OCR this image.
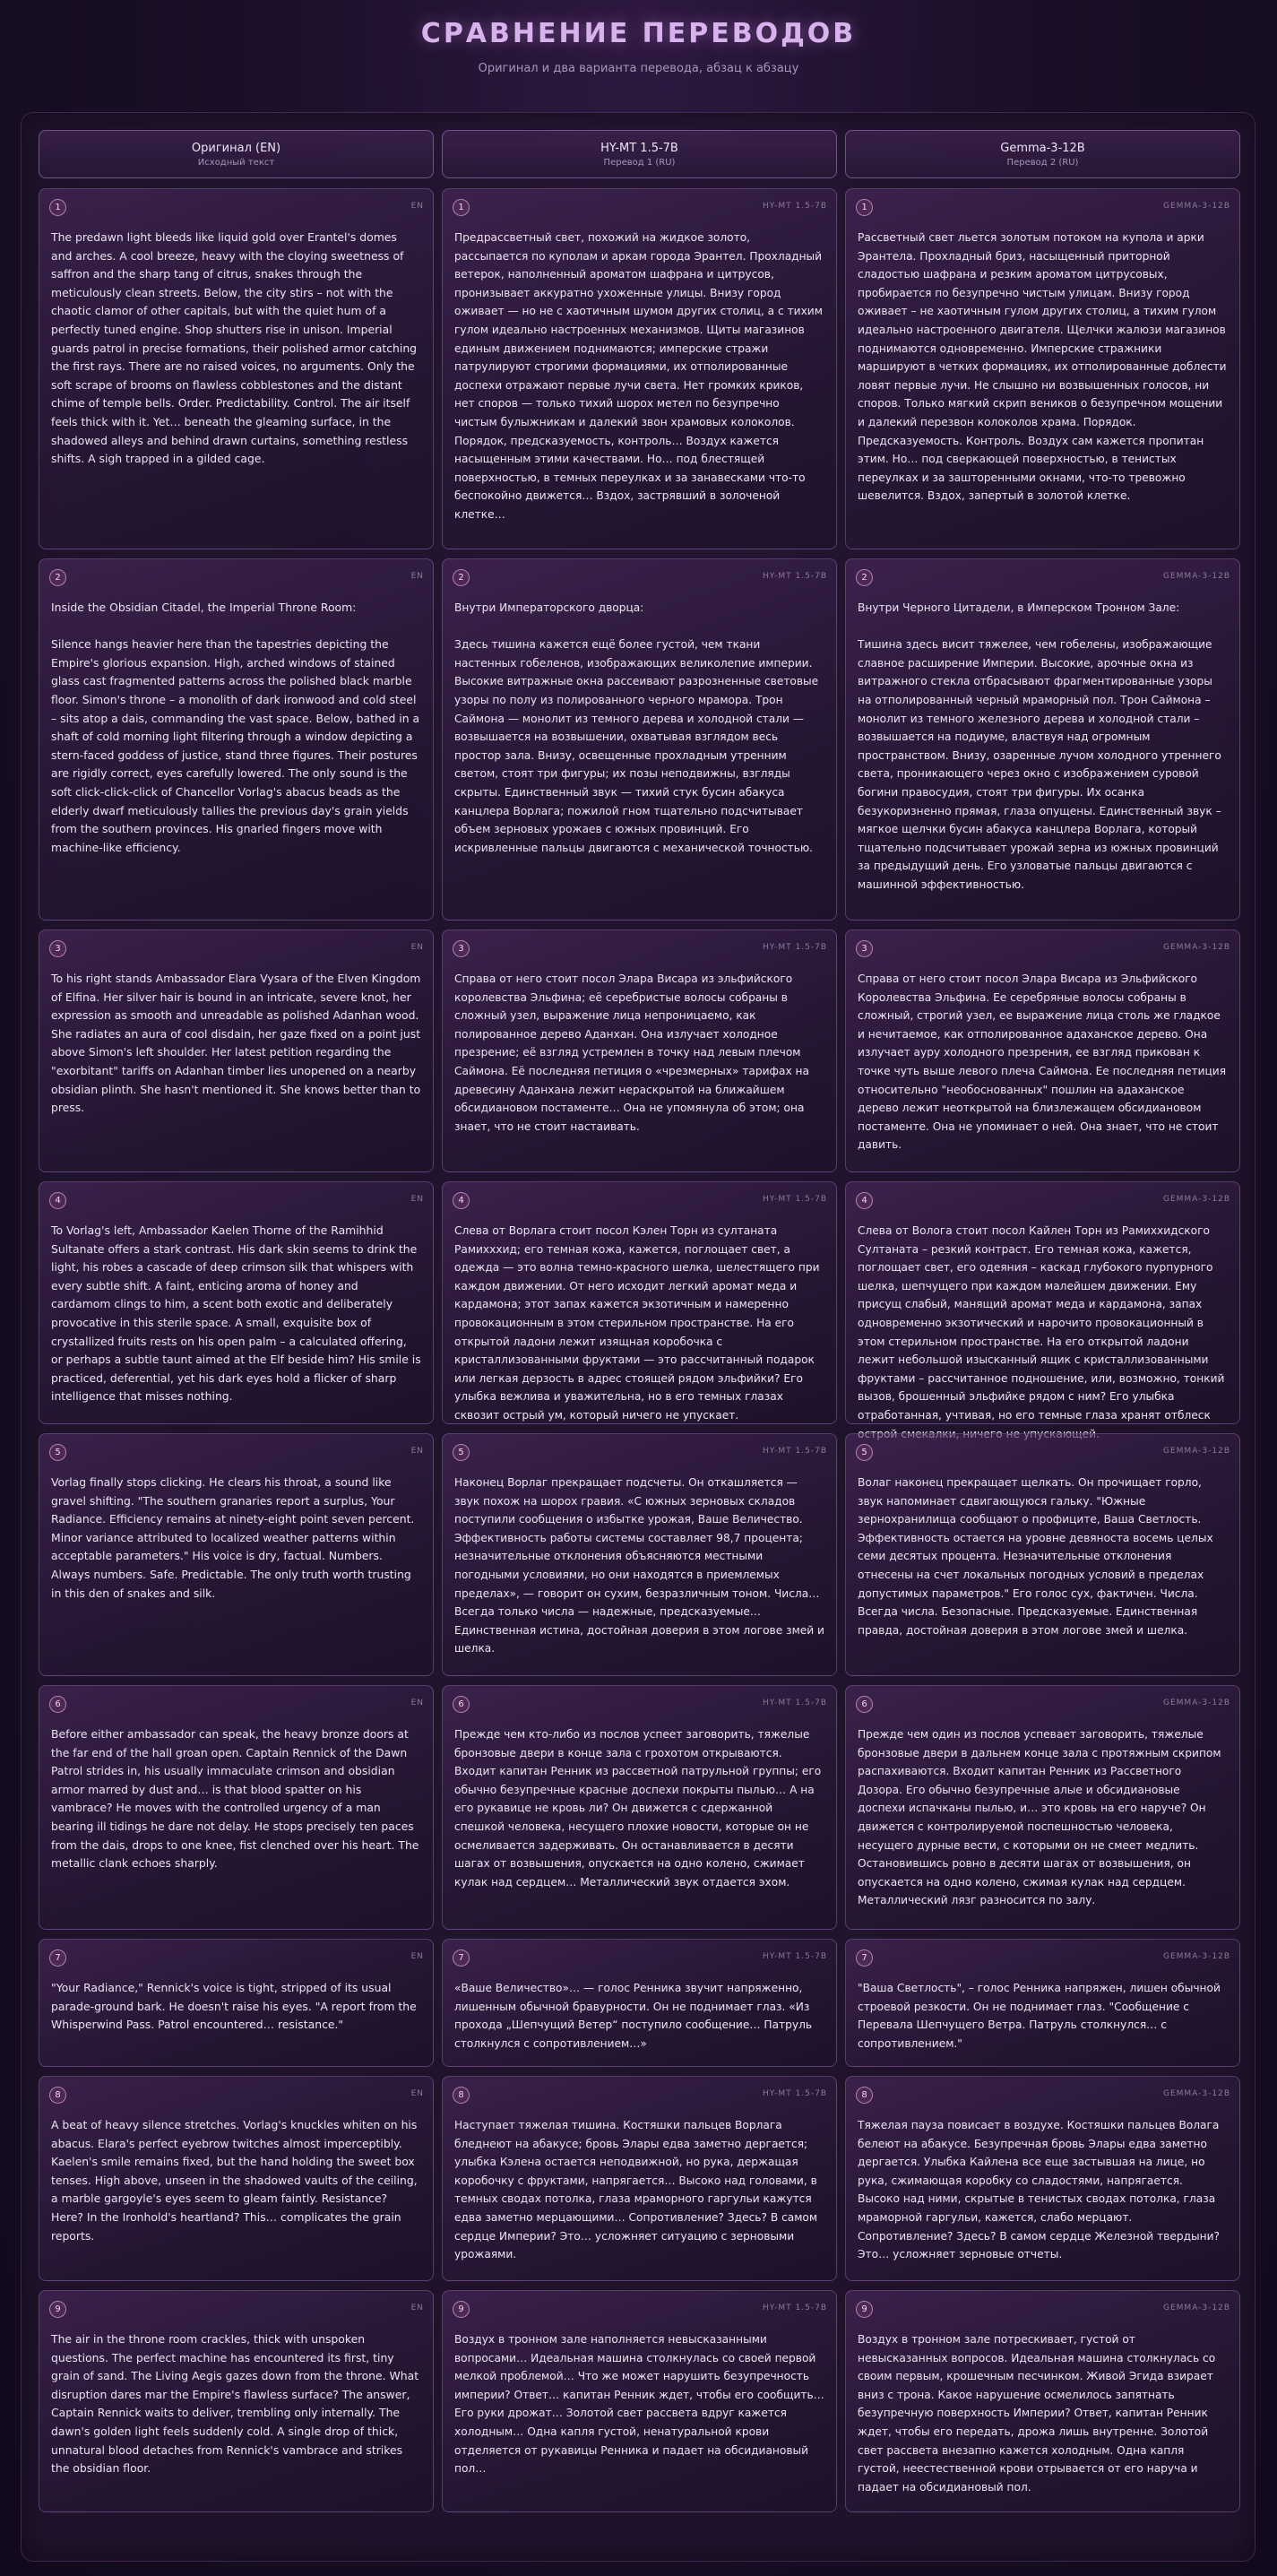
СРАВНЕНИЕ ПЕРЕВОДОВ

Оригинал и два варианта перевода, абзац к абзацу

Оригинал (EN)
Исходный текст
HY-MT 1.5-7B
Перевод 1 (RU)
Gemma-3-12B
Перевод 2 (RU)
1	EN
The predawn light bleeds like liquid gold over Erantel's domes and arches. A cool breeze, heavy with the cloying sweetness of saffron and the sharp tang of citrus, snakes through the meticulously clean streets. Below, the city stirs – not with the chaotic clamor of other capitals, but with the quiet hum of a perfectly tuned engine. Shop shutters rise in unison. Imperial guards patrol in precise formations, their polished armor catching the first rays. There are no raised voices, no arguments. Only the soft scrape of brooms on flawless cobblestones and the distant chime of temple bells. Order. Predictability. Control. The air itself feels thick with it. Yet… beneath the gleaming surface, in the shadowed alleys and behind drawn curtains, something restless shifts. A sigh trapped in a gilded cage.
1	HY-MT 1.5-7B
Предрассветный свет, похожий на жидкое золото, рассыпается по куполам и аркам города Эрантел. Прохладный ветерок, наполненный ароматом шафрана и цитрусов, пронизывает аккуратно ухоженные улицы. Внизу город оживает — но не с хаотичным шумом других столиц, а с тихим гулом идеально настроенных механизмов. Щиты магазинов единым движением поднимаются; имперские стражи патрулируют строгими формациями, их отполированные доспехи отражают первые лучи света. Нет громких криков, нет споров — только тихий шорох метел по безупречно чистым булыжникам и далекий звон храмовых колоколов. Порядок, предсказуемость, контроль… Воздух кажется насыщенным этими качествами. Но… под блестящей поверхностью, в темных переулках и за занавесками что-то беспокойно движется… Вздох, застрявший в золоченой клетке…
1	GEMMA-3-12B
Рассветный свет льется золотым потоком на купола и арки Эрантела. Прохладный бриз, насыщенный приторной сладостью шафрана и резким ароматом цитрусовых, пробирается по безупречно чистым улицам. Внизу город оживает – не хаотичным гулом других столиц, а тихим гулом идеально настроенного двигателя. Щелчки жалюзи магазинов поднимаются одновременно. Имперские стражники маршируют в четких формациях, их отполированные доблести ловят первые лучи. Не слышно ни возвышенных голосов, ни споров. Только мягкий скрип веников о безупречном мощении и далекий перезвон колоколов храма. Порядок. Предсказуемость. Контроль. Воздух сам кажется пропитан этим. Но… под сверкающей поверхностью, в тенистых переулках и за зашторенными окнами, что-то тревожно шевелится. Вздох, запертый в золотой клетке.
2	EN
Inside the Obsidian Citadel, the Imperial Throne Room:

Silence hangs heavier here than the tapestries depicting the Empire's glorious expansion. High, arched windows of stained glass cast fragmented patterns across the polished black marble floor. Simon's throne – a monolith of dark ironwood and cold steel – sits atop a dais, commanding the vast space. Below, bathed in a shaft of cold morning light filtering through a window depicting a stern-faced goddess of justice, stand three figures. Their postures are rigidly correct, eyes carefully lowered. The only sound is the soft click-click-click of Chancellor Vorlag's abacus beads as the elderly dwarf meticulously tallies the previous day's grain yields from the southern provinces. His gnarled fingers move with machine-like efficiency.
2	HY-MT 1.5-7B
Внутри Императорского дворца:

Здесь тишина кажется ещё более густой, чем ткани настенных гобеленов, изображающих великолепие империи. Высокие витражные окна рассеивают разрозненные световые узоры по полу из полированного черного мрамора. Трон Саймона — монолит из темного дерева и холодной стали — возвышается на возвышении, охватывая взглядом весь простор зала. Внизу, освещенные прохладным утренним светом, стоят три фигуры; их позы неподвижны, взгляды скрыты. Единственный звук — тихий стук бусин абакуса канцлера Ворлага; пожилой гном тщательно подсчитывает объем зерновых урожаев с южных провинций. Его искривленные пальцы двигаются с механической точностью.
2	GEMMA-3-12B
Внутри Черного Цитадели, в Имперском Тронном Зале:

Тишина здесь висит тяжелее, чем гобелены, изображающие славное расширение Империи. Высокие, арочные окна из витражного стекла отбрасывают фрагментированные узоры на отполированный черный мраморный пол. Трон Саймона – монолит из темного железного дерева и холодной стали – возвышается на подиуме, властвуя над огромным пространством. Внизу, озаренные лучом холодного утреннего света, проникающего через окно с изображением суровой богини правосудия, стоят три фигуры. Их осанка безукоризненно прямая, глаза опущены. Единственный звук – мягкое щелчки бусин абакуса канцлера Ворлага, который тщательно подсчитывает урожай зерна из южных провинций за предыдущий день. Его узловатые пальцы двигаются с машинной эффективностью.
3	EN
To his right stands Ambassador Elara Vysara of the Elven Kingdom of Elfina. Her silver hair is bound in an intricate, severe knot, her expression as smooth and unreadable as polished Adanhan wood. She radiates an aura of cool disdain, her gaze fixed on a point just above Simon's left shoulder. Her latest petition regarding the "exorbitant" tariffs on Adanhan timber lies unopened on a nearby obsidian plinth. She hasn't mentioned it. She knows better than to press.
3	HY-MT 1.5-7B
Справа от него стоит посол Элара Висара из эльфийского королевства Эльфина; её серебристые волосы собраны в сложный узел, выражение лица непроницаемо, как полированное дерево Аданхан. Она излучает холодное презрение; её взгляд устремлен в точку над левым плечом Саймона. Её последняя петиция о «чрезмерных» тарифах на древесину Аданхана лежит нераскрытой на ближайшем обсидиановом постаменте… Она не упомянула об этом; она знает, что не стоит настаивать.
3	GEMMA-3-12B
Справа от него стоит посол Элара Висара из Эльфийского Королевства Эльфина. Ее серебряные волосы собраны в сложный, строгий узел, ее выражение лица столь же гладкое и нечитаемое, как отполированное адаханское дерево. Она излучает ауру холодного презрения, ее взгляд прикован к точке чуть выше левого плеча Саймона. Ее последняя петиция относительно "необоснованных" пошлин на адаханское дерево лежит неоткрытой на близлежащем обсидиановом постаменте. Она не упоминает о ней. Она знает, что не стоит давить.
4	EN
To Vorlag's left, Ambassador Kaelen Thorne of the Ramihhid Sultanate offers a stark contrast. His dark skin seems to drink the light, his robes a cascade of deep crimson silk that whispers with every subtle shift. A faint, enticing aroma of honey and cardamom clings to him, a scent both exotic and deliberately provocative in this sterile space. A small, exquisite box of crystallized fruits rests on his open palm – a calculated offering, or perhaps a subtle taunt aimed at the Elf beside him? His smile is practiced, deferential, yet his dark eyes hold a flicker of sharp intelligence that misses nothing.
4	HY-MT 1.5-7B
Слева от Ворлага стоит посол Кэлен Торн из султаната Рамихххид; его темная кожа, кажется, поглощает свет, а одежда — это волна темно-красного шелка, шелестящего при каждом движении. От него исходит легкий аромат меда и кардамона; этот запах кажется экзотичным и намеренно провокационным в этом стерильном пространстве. На его открытой ладони лежит изящная коробочка с кристаллизованными фруктами — это рассчитанный подарок или легкая дерзость в адрес стоящей рядом эльфийки? Его улыбка вежлива и уважительна, но в его темных глазах сквозит острый ум, который ничего не упускает.
4	GEMMA-3-12B
Слева от Вологa стоит посол Кайлен Торн из Рамиххидского Султаната – резкий контраст. Его темная кожа, кажется, поглощает свет, его одеяния – каскад глубокого пурпурного шелка, шепчущего при каждом малейшем движении. Ему присущ слабый, манящий аромат меда и кардамона, запах одновременно экзотический и нарочито провокационный в этом стерильном пространстве. На его открытой ладони лежит небольшой изысканный ящик с кристаллизованными фруктами – рассчитанное подношение, или, возможно, тонкий вызов, брошенный эльфийке рядом с ним? Его улыбка отработанная, учтивая, но его темные глаза хранят отблеск
5	EN
Vorlag finally stops clicking. He clears his throat, a sound like gravel shifting. "The southern granaries report a surplus, Your Radiance. Efficiency remains at ninety-eight point seven percent. Minor variance attributed to localized weather patterns within acceptable parameters." His voice is dry, factual. Numbers. Always numbers. Safe. Predictable. The only truth worth trusting in this den of snakes and silk.
5	HY-MT 1.5-7B
Наконец Ворлаг прекращает подсчеты. Он откашляется — звук похож на шорох гравия. «С южных зерновых складов поступили сообщения о избытке урожая, Ваше Величество. Эффективность работы системы составляет 98,7 процента; незначительные отклонения объясняются местными погодными условиями, но они находятся в приемлемых пределах», — говорит он сухим, безразличным тоном. Числа… Всегда только числа — надежные, предсказуемые… Единственная истина, достойная доверия в этом логове змей и шелка.
5	GEMMA-3-12B
Волаг наконец прекращает щелкать. Он прочищает горло, звук напоминает сдвигающуюся гальку. "Южные зернохранилища сообщают о профиците, Ваша Светлость. Эффективность остается на уровне девяноста восемь целых семи десятых процента. Незначительные отклонения отнесены на счет локальных погодных условий в пределах допустимых параметров." Его голос сух, фактичен. Числа. Всегда числа. Безопасные. Предсказуемые. Единственная правда, достойная доверия в этом логове змей и шелка.
6	EN
Before either ambassador can speak, the heavy bronze doors at the far end of the hall groan open. Captain Rennick of the Dawn Patrol strides in, his usually immaculate crimson and obsidian armor marred by dust and… is that blood spatter on his vambrace? He moves with the controlled urgency of a man bearing ill tidings he dare not delay. He stops precisely ten paces from the dais, drops to one knee, fist clenched over his heart. The metallic clank echoes sharply.
6	HY-MT 1.5-7B
Прежде чем кто-либо из послов успеет заговорить, тяжелые бронзовые двери в конце зала с грохотом открываются. Входит капитан Ренник из рассветной патрульной группы; его обычно безупречные красные доспехи покрыты пылью… А на его рукавице не кровь ли? Он движется с сдержанной спешкой человека, несущего плохие новости, которые он не осмеливается задерживать. Он останавливается в десяти шагах от возвышения, опускается на одно колено, сжимает кулак над сердцем… Металлический звук отдается эхом.
6	GEMMA-3-12B
Прежде чем один из послов успевает заговорить, тяжелые бронзовые двери в дальнем конце зала с протяжным скрипом распахиваются. Входит капитан Ренник из Рассветного Дозора. Его обычно безупречные алые и обсидиановые доспехи испачканы пылью, и… это кровь на его наруче? Он движется с контролируемой поспешностью человека, несущего дурные вести, с которыми он не смеет медлить. Остановившись ровно в десяти шагах от возвышения, он опускается на одно колено, сжимая кулак над сердцем. Металлический лязг разносится по залу.
7	EN
"Your Radiance," Rennick's voice is tight, stripped of its usual parade-ground bark. He doesn't raise his eyes. "A report from the Whisperwind Pass. Patrol encountered… resistance."
7	HY-MT 1.5-7B
«Ваше Величество»… — голос Ренника звучит напряженно, лишенным обычной бравурности. Он не поднимает глаз. «Из прохода „Шепчущий Ветер“ поступило сообщение… Патруль столкнулся с сопротивлением…»
7	GEMMA-3-12B
"Ваша Светлость", – голос Ренника напряжен, лишен обычной строевой резкости. Он не поднимает глаз. "Сообщение с Перевала Шепчущего Ветра. Патруль столкнулся… с сопротивлением."
8	EN
A beat of heavy silence stretches. Vorlag's knuckles whiten on his abacus. Elara's perfect eyebrow twitches almost imperceptibly. Kaelen's smile remains fixed, but the hand holding the sweet box tenses. High above, unseen in the shadowed vaults of the ceiling, a marble gargoyle's eyes seem to gleam faintly. Resistance? Here? In the Ironhold's heartland? This… complicates the grain reports.
8	HY-MT 1.5-7B
Наступает тяжелая тишина. Костяшки пальцев Ворлага бледнеют на абакусе; бровь Элары едва заметно дергается; улыбка Кэлена остается неподвижной, но рука, держащая коробочку с фруктами, напрягается… Высоко над головами, в темных сводах потолка, глаза мраморного гаргульи кажутся едва заметно мерцающими… Сопротивление? Здесь? В самом сердце Империи? Это… усложняет ситуацию с зерновыми урожаями.
8	GEMMA-3-12B
Тяжелая пауза повисает в воздухе. Костяшки пальцев Волага белеют на абакусе. Безупречная бровь Элары едва заметно дергается. Улыбка Кайлена все еще застывшая на лице, но рука, сжимающая коробку со сладостями, напрягается. Высоко над ними, скрытые в тенистых сводах потолка, глаза мраморной гаргульи, кажется, слабо мерцают. Сопротивление? Здесь? В самом сердце Железной твердыни? Это… усложняет зерновые отчеты.
9	EN
The air in the throne room crackles, thick with unspoken questions. The perfect machine has encountered its first, tiny grain of sand. The Living Aegis gazes down from the throne. What disruption dares mar the Empire's flawless surface? The answer, Captain Rennick waits to deliver, trembling only internally. The dawn's golden light feels suddenly cold. A single drop of thick, unnatural blood detaches from Rennick's vambrace and strikes the obsidian floor.
9	HY-MT 1.5-7B
Воздух в тронном зале наполняется невысказанными вопросами… Идеальная машина столкнулась со своей первой мелкой проблемой… Что же может нарушить безупречность империи? Ответ… капитан Ренник ждет, чтобы его сообщить… Его руки дрожат… Золотой свет рассвета вдруг кажется холодным… Одна капля густой, ненатуральной крови отделяется от рукавицы Ренника и падает на обсидиановый пол…
9	GEMMA-3-12B
Воздух в тронном зале потрескивает, густой от невысказанных вопросов. Идеальная машина столкнулась со своим первым, крошечным песчинком. Живой Эгида взирает вниз с трона. Какое нарушение осмелилось запятнать безупречную поверхность Империи? Ответ, капитан Ренник ждет, чтобы его передать, дрожа лишь внутренне. Золотой свет рассвета внезапно кажется холодным. Одна капля густой, неестественной крови отрывается от его наруча и падает на обсидиановый пол.
